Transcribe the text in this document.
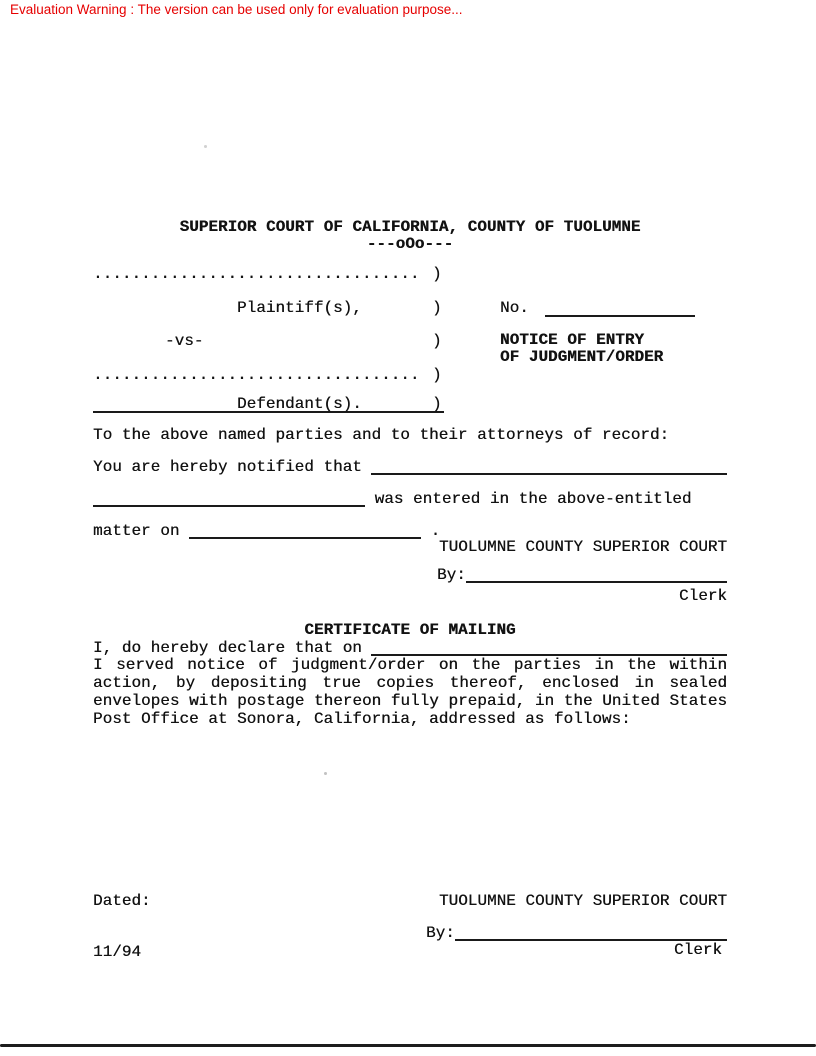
Evaluation Warning : The version can be used only for evaluation purpose...
SUPERIOR COURT OF CALIFORNIA, COUNTY OF TUOLUMNE
---oOo---
.................................. )
Plaintiff(s),	)	No.
-vs-	)	NOTICE OF ENTRY
OF JUDGMENT/ORDER
.................................. )
Defendant(s).	)
To the above named parties and to their attorneys of record:
You are hereby notified that
was entered in the above-entitled
matter on	.
TUOLUMNE COUNTY SUPERIOR COURT
By:
Clerk
CERTIFICATE OF MAILING
I, do hereby declare that on
I served notice of judgment/order on the parties in the within
action, by depositing true copies thereof, enclosed in sealed
envelopes with postage thereon fully prepaid, in the United States
Post Office at Sonora, California, addressed as follows:
Dated:	TUOLUMNE COUNTY SUPERIOR COURT
By:
Clerk
11/94
